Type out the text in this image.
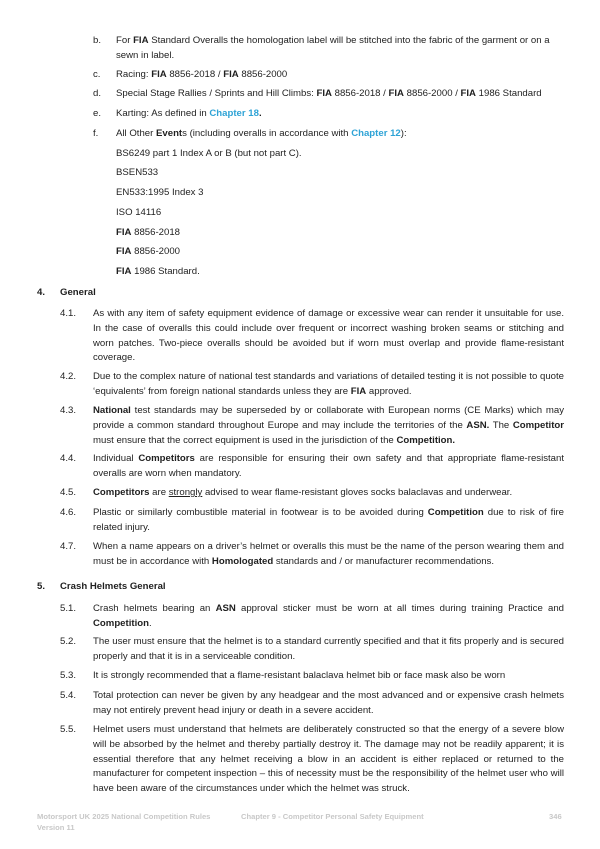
b.	For FIA Standard Overalls the homologation label will be stitched into the fabric of the garment or on a sewn in label.
c.	Racing: FIA 8856-2018 / FIA 8856-2000
d.	Special Stage Rallies / Sprints and Hill Climbs: FIA 8856-2018 / FIA 8856-2000 / FIA 1986 Standard
e.	Karting: As defined in Chapter 18.
f.	All Other Events (including overalls in accordance with Chapter 12):
BS6249 part 1 Index A or B (but not part C).
BSEN533
EN533:1995 Index 3
ISO 14116
FIA 8856-2018
FIA 8856-2000
FIA 1986 Standard.
4.	General
4.1.	As with any item of safety equipment evidence of damage or excessive wear can render it unsuitable for use. In the case of overalls this could include over frequent or incorrect washing broken seams or stitching and worn patches. Two-piece overalls should be avoided but if worn must overlap and provide flame-resistant coverage.
4.2.	Due to the complex nature of national test standards and variations of detailed testing it is not possible to quote ‘equivalents’ from foreign national standards unless they are FIA approved.
4.3.	National test standards may be superseded by or collaborate with European norms (CE Marks) which may provide a common standard throughout Europe and may include the territories of the ASN. The Competitor must ensure that the correct equipment is used in the jurisdiction of the Competition.
4.4.	Individual Competitors are responsible for ensuring their own safety and that appropriate flame-resistant overalls are worn when mandatory.
4.5.	Competitors are strongly advised to wear flame-resistant gloves socks balaclavas and underwear.
4.6.	Plastic or similarly combustible material in footwear is to be avoided during Competition due to risk of fire related injury.
4.7.	When a name appears on a driver’s helmet or overalls this must be the name of the person wearing them and must be in accordance with Homologated standards and / or manufacturer recommendations.
5.	Crash Helmets General
5.1.	Crash helmets bearing an ASN approval sticker must be worn at all times during training Practice and Competition.
5.2.	The user must ensure that the helmet is to a standard currently specified and that it fits properly and is secured properly and that it is in a serviceable condition.
5.3.	It is strongly recommended that a flame-resistant balaclava helmet bib or face mask also be worn
5.4.	Total protection can never be given by any headgear and the most advanced and or expensive crash helmets may not entirely prevent head injury or death in a severe accident.
5.5.	Helmet users must understand that helmets are deliberately constructed so that the energy of a severe blow will be absorbed by the helmet and thereby partially destroy it. The damage may not be readily apparent; it is essential therefore that any helmet receiving a blow in an accident is either replaced or returned to the manufacturer for competent inspection – this of necessity must be the responsibility of the helmet user who will have been aware of the circumstances under which the helmet was struck.
Motorsport UK 2025 National Competition Rules
Version 11
Chapter 9 - Competitor Personal Safety Equipment	346
